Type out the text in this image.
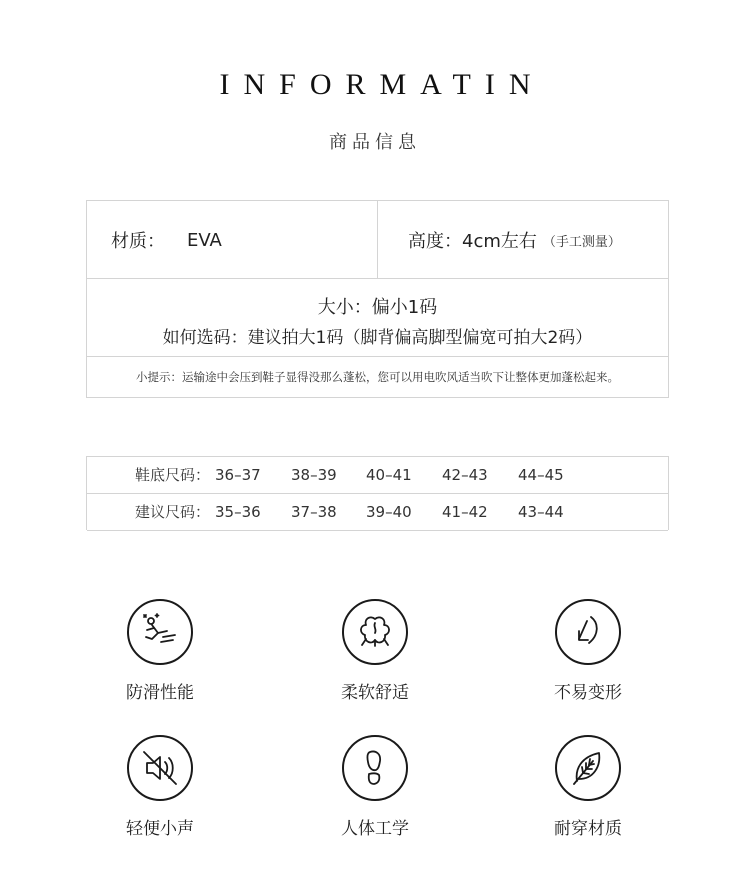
INFORMATIN
商品信息
材质： EVA	高度：4cm左右 （手工测量）
大小：偏小1码
如何选码：建议拍大1码（脚背偏高脚型偏宽可拍大2码）
小提示：运输途中会压到鞋子显得没那么蓬松，您可以用电吹风适当吹下让整体更加蓬松起来。
鞋底尺码： 36–37 38–39 40–41 42–43 44–45
建议尺码： 35–36 37–38 39–40 41–42 43–44
防滑性能	柔软舒适	不易变形
轻便小声	人体工学	耐穿材质
